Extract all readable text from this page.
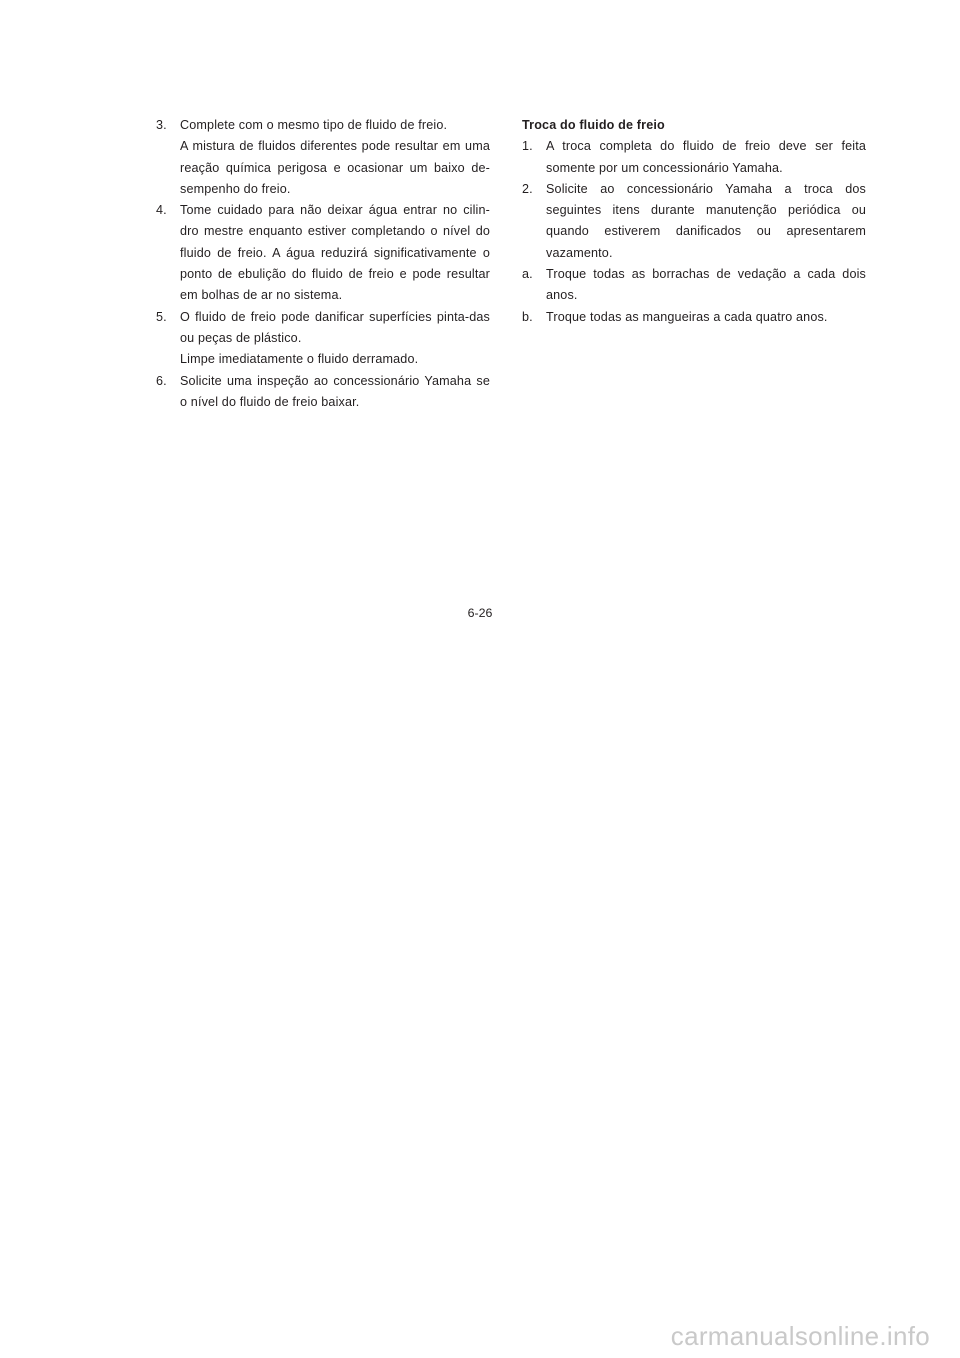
3. Complete com o mesmo tipo de fluido de freio.
A mistura de fluidos diferentes pode resultar em uma reação química perigosa e ocasionar um baixo de-sempenho do freio.
4. Tome cuidado para não deixar água entrar no cilin-dro mestre enquanto estiver completando o nível do fluido de freio. A água reduzirá significativamente o ponto de ebulição do fluido de freio e pode resultar em bolhas de ar no sistema.
5. O fluido de freio pode danificar superfícies pinta-das ou peças de plástico.
Limpe imediatamente o fluido derramado.
6. Solicite uma inspeção ao concessionário Yamaha se o nível do fluido de freio baixar.

Troca do fluido de freio

1. A troca completa do fluido de freio deve ser feita somente por um concessionário Yamaha.
2. Solicite ao concessionário Yamaha a troca dos seguintes itens durante manutenção periódica ou quando estiverem danificados ou apresentarem vazamento.
a. Troque todas as borrachas de vedação a cada dois anos.
b. Troque todas as mangueiras a cada quatro anos.
6-26
carmanualsonline.info
